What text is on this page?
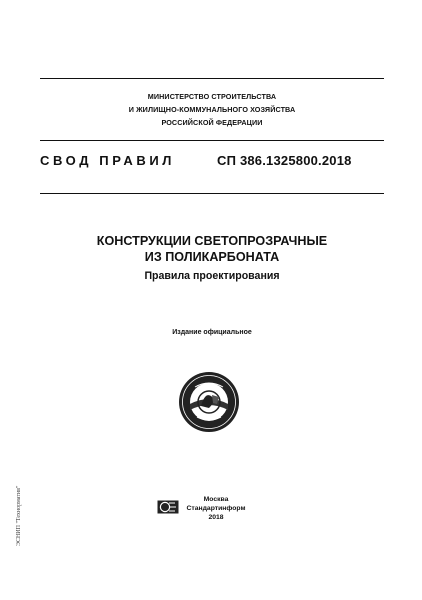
МИНИСТЕРСТВО СТРОИТЕЛЬСТВА
И ЖИЛИЩНО-КОММУНАЛЬНОГО ХОЗЯЙСТВА
РОССИЙСКОЙ ФЕДЕРАЦИИ
СВОД ПРАВИЛ	СП 386.1325800.2018
КОНСТРУКЦИИ СВЕТОПРОЗРАЧНЫЕ
ИЗ ПОЛИКАРБОНАТА
Правила проектирования
Издание официальное
Москва
Стандартинформ
2018
ЭСНИП "Технорматив"
